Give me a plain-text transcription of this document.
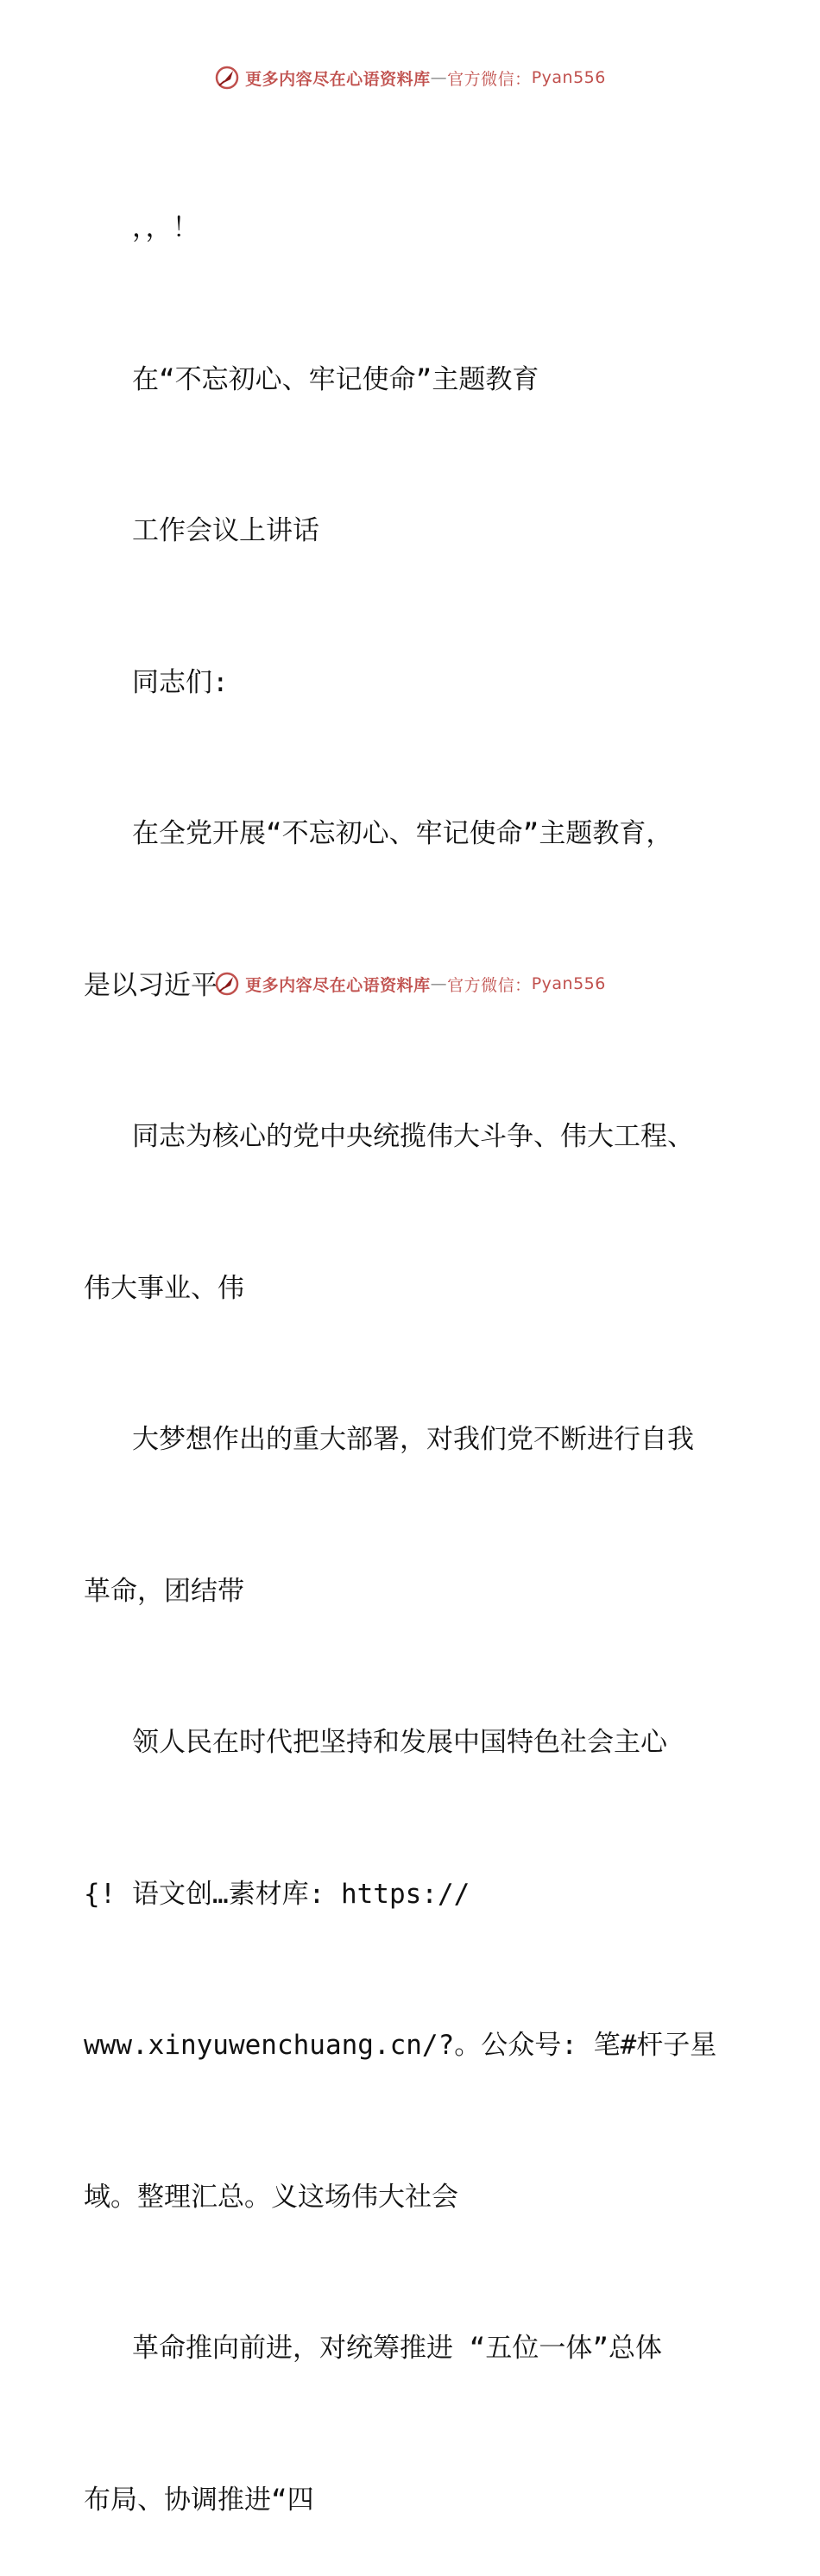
更多内容尽在心语资料库 — 官方微信： Pyan556

，，！

在“不忘初心、牢记使命”主题教育

工作会议上讲话

同志们:

在全党开展“不忘初心、牢记使命”主题教育，

是以习近平

同志为核心的党中央统揽伟大斗争、伟大工程、

伟大事业、伟

大梦想作出的重大部署，对我们党不断进行自我

革命，团结带

领人民在时代把坚持和发展中国特色社会主心

{! 语文创…素材库: https://

www.xinyuwenchuang.cn/?。公众号: 笔#杆子星

域。整理汇总。义这场伟大社会

革命推向前进，对统筹推进 “五位一体”总体

布局、协调推进“四

更多内容尽在心语资料库 — 官方微信： Pyan556
